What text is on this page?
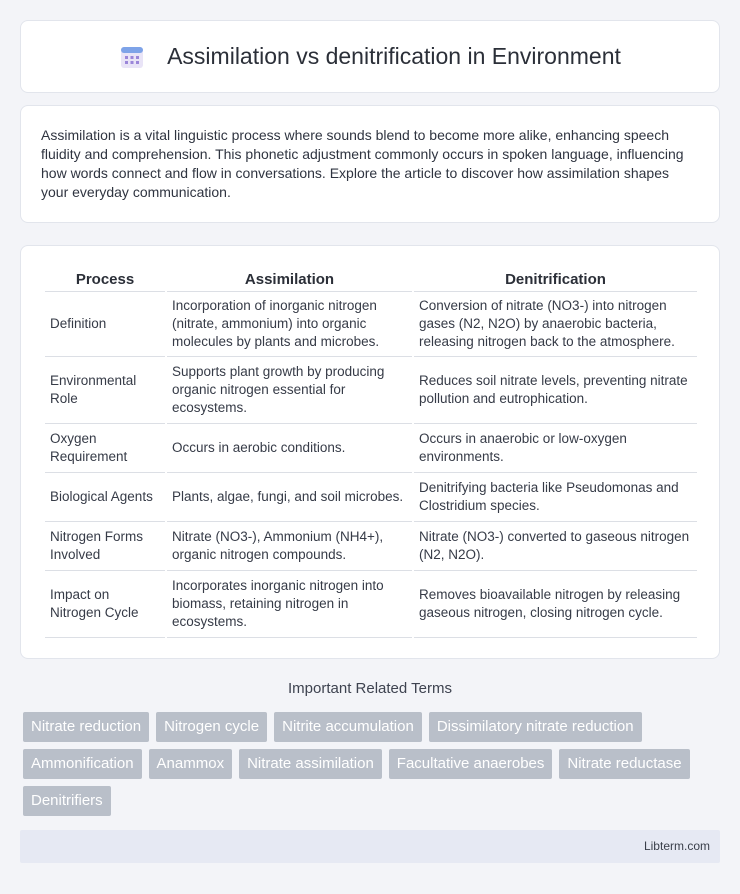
Assimilation vs denitrification in Environment

Assimilation is a vital linguistic process where sounds blend to become more alike, enhancing speech fluidity and comprehension. This phonetic adjustment commonly occurs in spoken language, influencing how words connect and flow in conversations. Explore the article to discover how assimilation shapes your everyday communication.

Process	Assimilation	Denitrification
Definition	Incorporation of inorganic nitrogen (nitrate, ammonium) into organic molecules by plants and microbes.	Conversion of nitrate (NO3-) into nitrogen gases (N2, N2O) by anaerobic bacteria, releasing nitrogen back to the atmosphere.
Environmental Role	Supports plant growth by producing organic nitrogen essential for ecosystems.	Reduces soil nitrate levels, preventing nitrate pollution and eutrophication.
Oxygen Requirement	Occurs in aerobic conditions.	Occurs in anaerobic or low-oxygen environments.
Biological Agents	Plants, algae, fungi, and soil microbes.	Denitrifying bacteria like Pseudomonas and Clostridium species.
Nitrogen Forms Involved	Nitrate (NO3-), Ammonium (NH4+), organic nitrogen compounds.	Nitrate (NO3-) converted to gaseous nitrogen (N2, N2O).
Impact on Nitrogen Cycle	Incorporates inorganic nitrogen into biomass, retaining nitrogen in ecosystems.	Removes bioavailable nitrogen by releasing gaseous nitrogen, closing nitrogen cycle.
Important Related Terms
Nitrate reduction	Nitrogen cycle	Nitrite accumulation	Dissimilatory nitrate reduction
Ammonification	Anammox	Nitrate assimilation	Facultative anaerobes	Nitrate reductase
Denitrifiers
Libterm.com
